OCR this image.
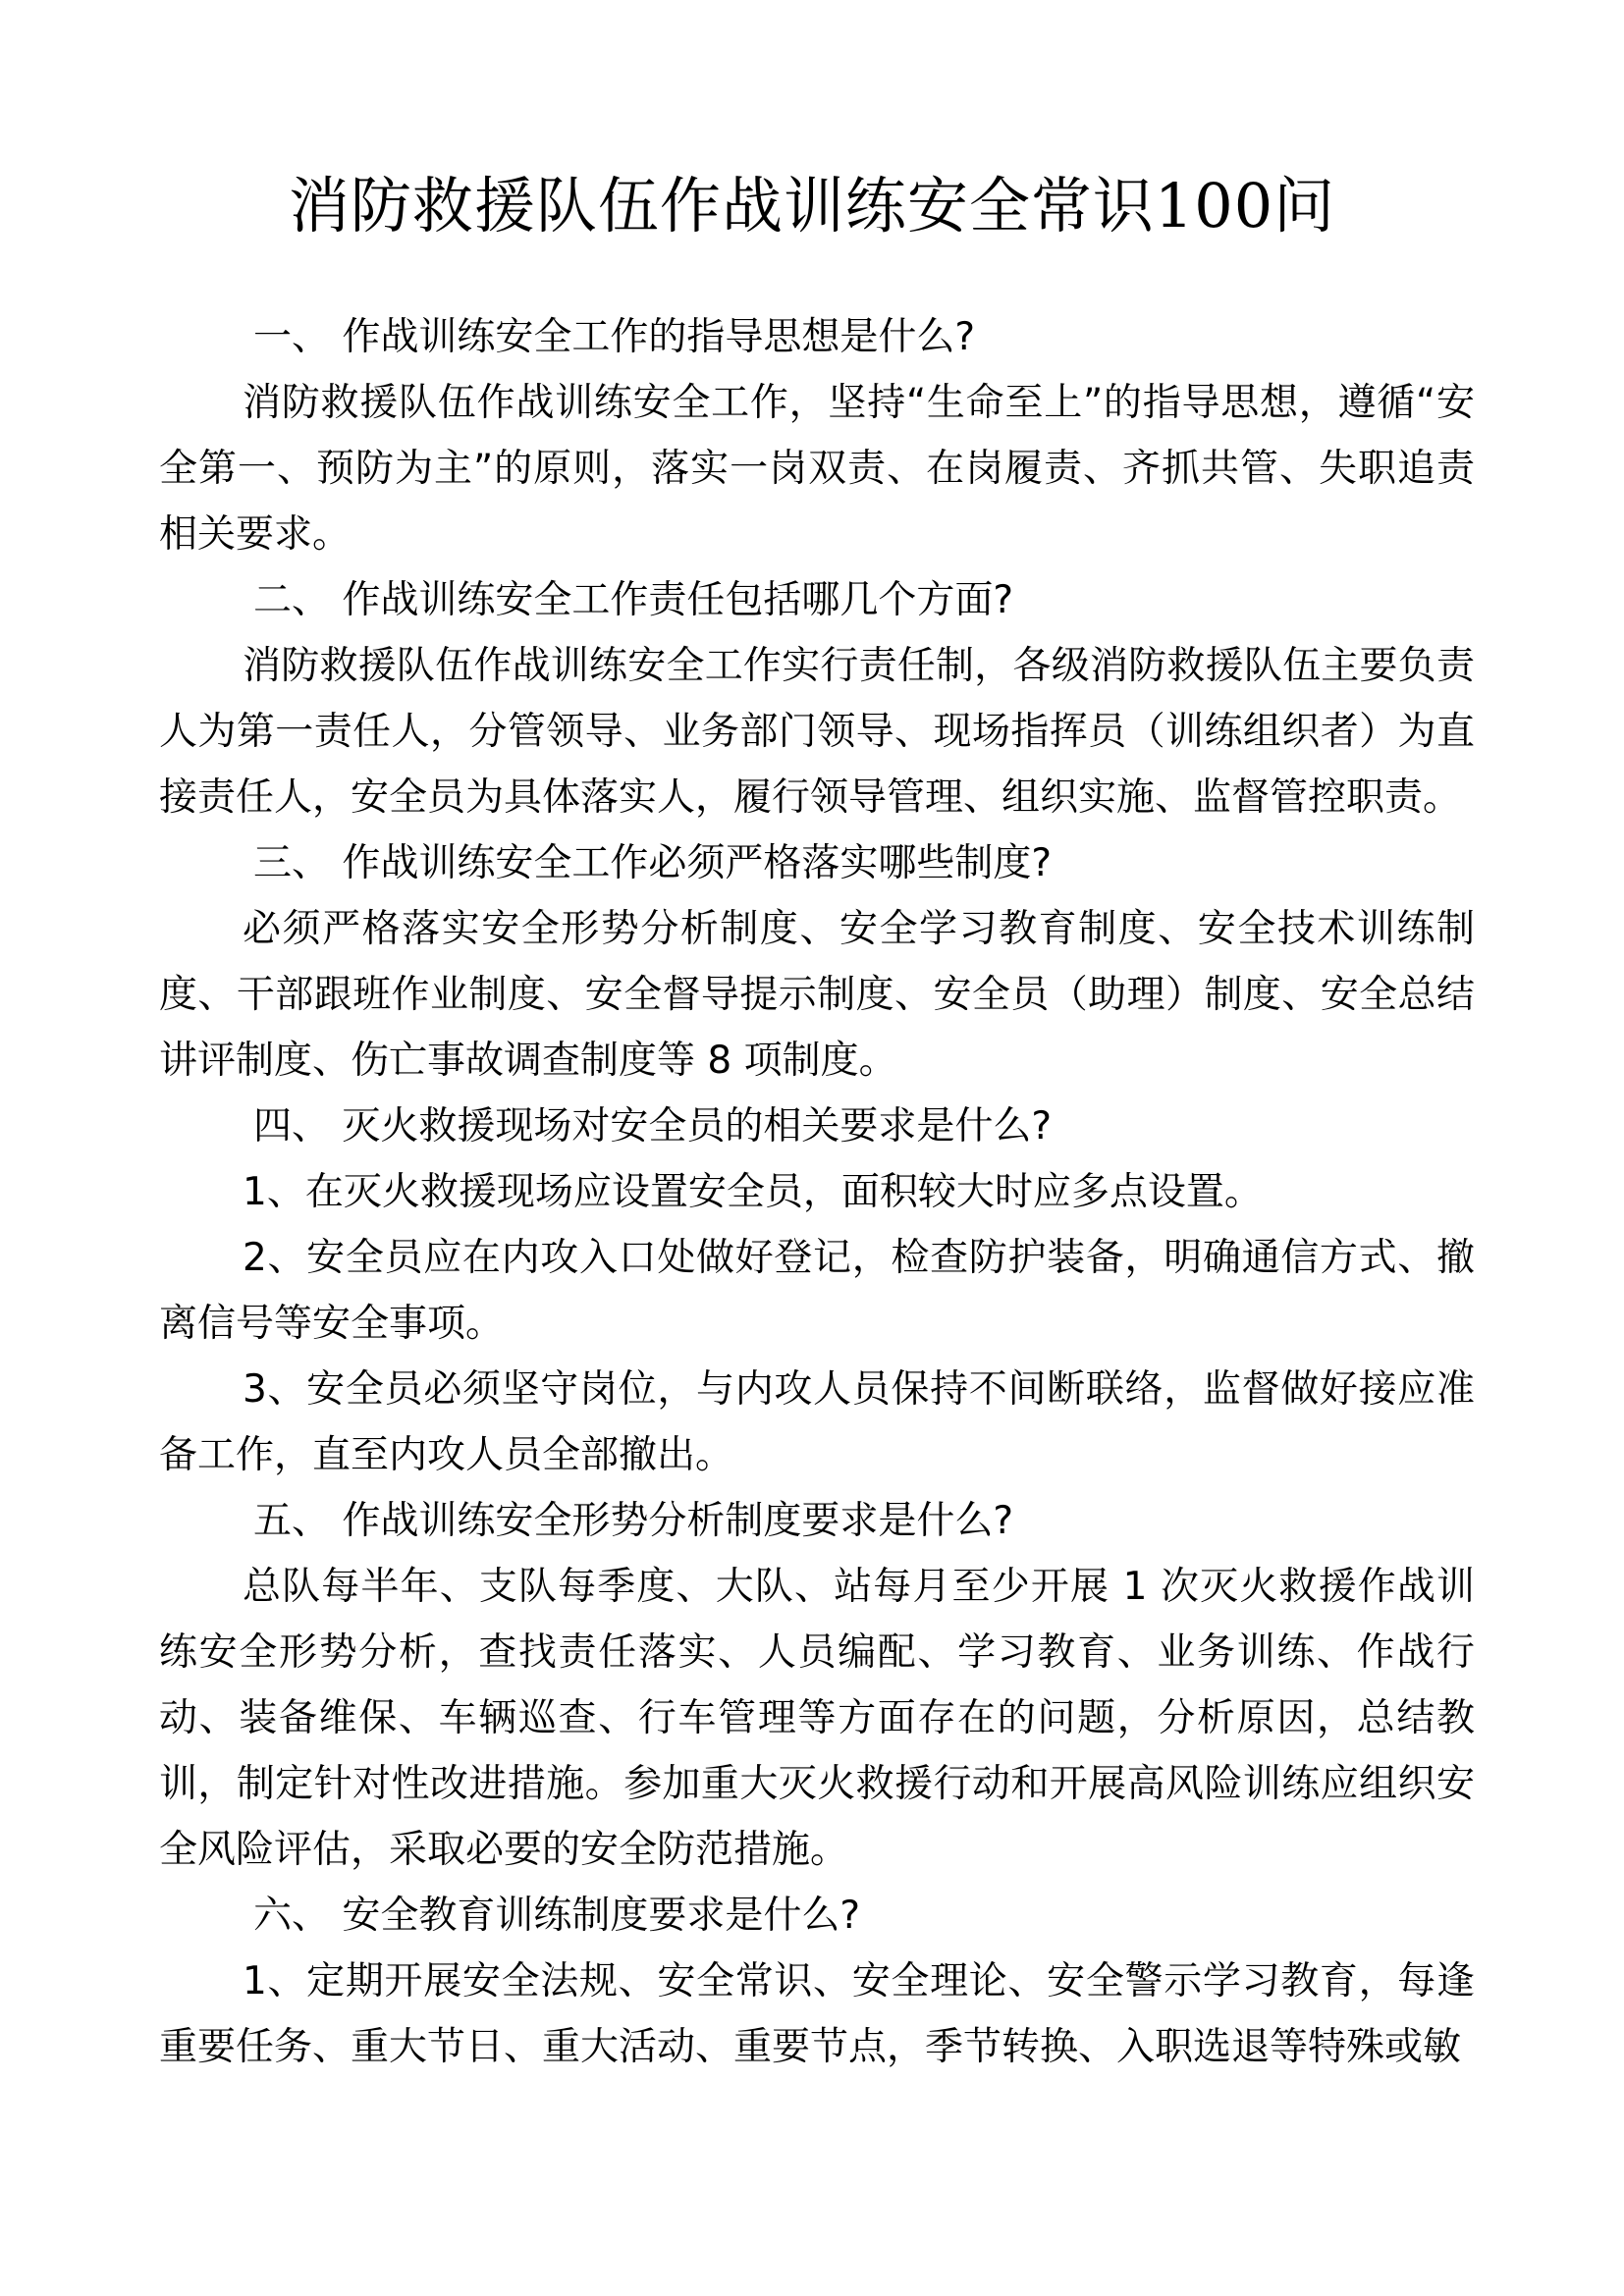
消防救援队伍作战训练安全常识100问

一、 作战训练安全工作的指导思想是什么?

消防救援队伍作战训练安全工作，坚持“生命至上”的指导思想，遵循“安全第一、预防为主”的原则，落实一岗双责、在岗履责、齐抓共管、失职追责相关要求。

二、 作战训练安全工作责任包括哪几个方面?

消防救援队伍作战训练安全工作实行责任制，各级消防救援队伍主要负责人为第一责任人，分管领导、业务部门领导、现场指挥员（训练组织者）为直接责任人，安全员为具体落实人，履行领导管理、组织实施、监督管控职责。

三、 作战训练安全工作必须严格落实哪些制度?

必须严格落实安全形势分析制度、安全学习教育制度、安全技术训练制度、干部跟班作业制度、安全督导提示制度、安全员（助理）制度、安全总结讲评制度、伤亡事故调查制度等 8 项制度。

四、 灭火救援现场对安全员的相关要求是什么?

1、在灭火救援现场应设置安全员，面积较大时应多点设置。

2、安全员应在内攻入口处做好登记，检查防护装备，明确通信方式、撤离信号等安全事项。

3、安全员必须坚守岗位，与内攻人员保持不间断联络，监督做好接应准备工作，直至内攻人员全部撤出。

五、 作战训练安全形势分析制度要求是什么?

总队每半年、支队每季度、大队、站每月至少开展 1 次灭火救援作战训练安全形势分析，查找责任落实、人员编配、学习教育、业务训练、作战行动、装备维保、车辆巡查、行车管理等方面存在的问题，分析原因，总结教训，制定针对性改进措施。参加重大灭火救援行动和开展高风险训练应组织安全风险评估，采取必要的安全防范措施。

六、 安全教育训练制度要求是什么?

1、定期开展安全法规、安全常识、安全理论、安全警示学习教育，每逢重要任务、重大节日、重大活动、重要节点，季节转换、入职选退等特殊或敏
